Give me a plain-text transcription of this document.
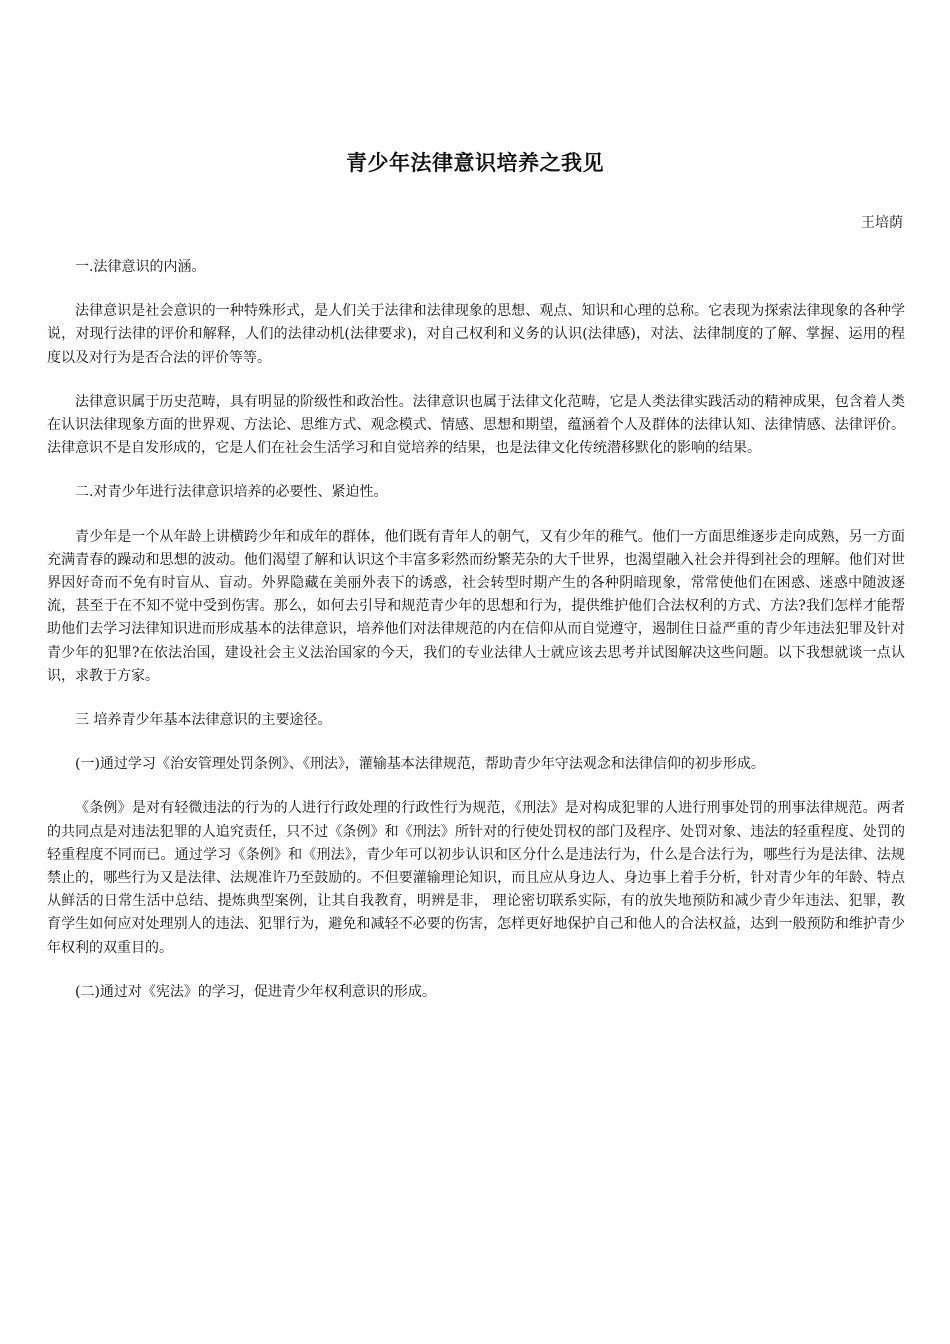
青少年法律意识培养之我见
王培荫

一.法律意识的内涵。

法律意识是社会意识的一种特殊形式，是人们关于法律和法律现象的思想、观点、知识和心理的总称。它表现为探索法律现象的各种学说，对现行法律的评价和解释，人们的法律动机(法律要求)，对自己权利和义务的认识(法律感)，对法、法律制度的了解、掌握、运用的程度以及对行为是否合法的评价等等。

法律意识属于历史范畴，具有明显的阶级性和政治性。法律意识也属于法律文化范畴，它是人类法律实践活动的精神成果，包含着人类在认识法律现象方面的世界观、方法论、思维方式、观念模式、情感、思想和期望，蕴涵着个人及群体的法律认知、法律情感、法律评价。法律意识不是自发形成的，它是人们在社会生活学习和自觉培养的结果，也是法律文化传统潜移默化的影响的结果。

二.对青少年进行法律意识培养的必要性、紧迫性。

青少年是一个从年龄上讲横跨少年和成年的群体，他们既有青年人的朝气，又有少年的稚气。他们一方面思维逐步走向成熟，另一方面充满青春的躁动和思想的波动。他们渴望了解和认识这个丰富多彩然而纷繁芜杂的大千世界，也渴望融入社会并得到社会的理解。他们对世界因好奇而不免有时盲从、盲动。外界隐藏在美丽外表下的诱惑，社会转型时期产生的各种阴暗现象，常常使他们在困惑、迷惑中随波逐流，甚至于在不知不觉中受到伤害。那么，如何去引导和规范青少年的思想和行为，提供维护他们合法权利的方式、方法?我们怎样才能帮助他们去学习法律知识进而形成基本的法律意识，培养他们对法律规范的内在信仰从而自觉遵守，遏制住日益严重的青少年违法犯罪及针对青少年的犯罪?在依法治国，建设社会主义法治国家的今天，我们的专业法律人士就应该去思考并试图解决这些问题。以下我想就谈一点认识，求教于方家。

三 培养青少年基本法律意识的主要途径。

(一)通过学习《治安管理处罚条例》、《刑法》，灌输基本法律规范，帮助青少年守法观念和法律信仰的初步形成。

《条例》是对有轻微违法的行为的人进行行政处理的行政性行为规范，《刑法》是对构成犯罪的人进行刑事处罚的刑事法律规范。两者的共同点是对违法犯罪的人追究责任，只不过《条例》和《刑法》所针对的行使处罚权的部门及程序、处罚对象、违法的轻重程度、处罚的轻重程度不同而已。通过学习《条例》和《刑法》，青少年可以初步认识和区分什么是违法行为，什么是合法行为，哪些行为是法律、法规禁止的，哪些行为又是法律、法规准许乃至鼓励的。不但要灌输理论知识，而且应从身边人、身边事上着手分析，针对青少年的年龄、特点从鲜活的日常生活中总结、提炼典型案例，让其自我教育，明辨是非， 理论密切联系实际，有的放失地预防和减少青少年违法、犯罪，教育学生如何应对处理别人的违法、犯罪行为，避免和减轻不必要的伤害，怎样更好地保护自己和他人的合法权益，达到一般预防和维护青少年权利的双重目的。

(二)通过对《宪法》的学习，促进青少年权利意识的形成。
